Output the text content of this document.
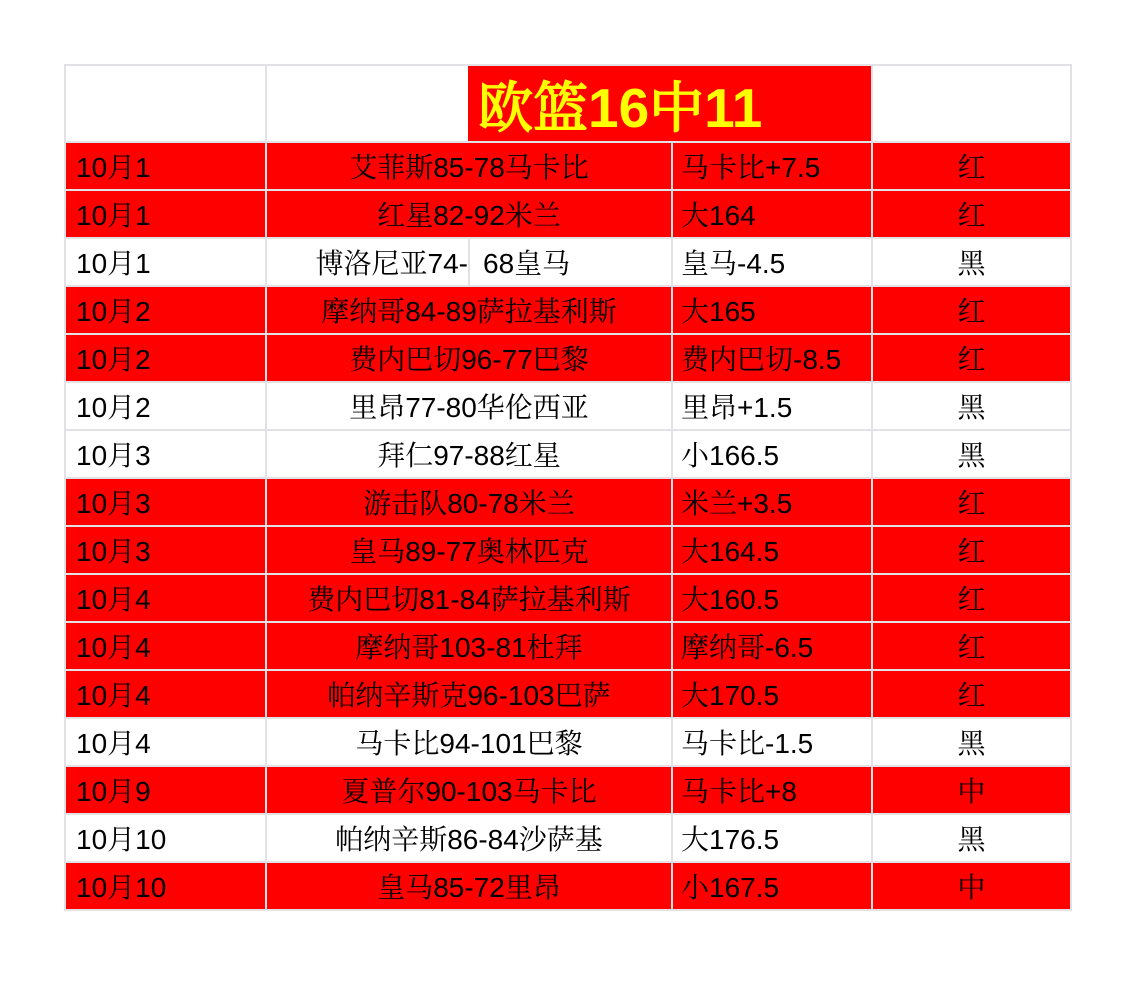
10月1	艾菲斯85-78马卡比	马卡比+7.5	红
10月1	红星82-92米兰	大164	红
10月1	博洛尼亚74- 68皇马	皇马-4.5	黑
10月2	摩纳哥84-89萨拉基利斯	大165	红
10月2	费内巴切96-77巴黎	费内巴切-8.5	红
10月2	里昂77-80华伦西亚	里昂+1.5	黑
10月3	拜仁97-88红星	小166.5	黑
10月3	游击队80-78米兰	米兰+3.5	红
10月3	皇马89-77奥林匹克	大164.5	红
10月4	费内巴切81-84萨拉基利斯	大160.5	红
10月4	摩纳哥103-81杜拜	摩纳哥-6.5	红
10月4	帕纳辛斯克96-103巴萨	大170.5	红
10月4	马卡比94-101巴黎	马卡比-1.5	黑
10月9	夏普尔90-103马卡比	马卡比+8	中
10月10	帕纳辛斯86-84沙萨基	大176.5	黑
10月10	皇马85-72里昂	小167.5	中
欧篮16中11
